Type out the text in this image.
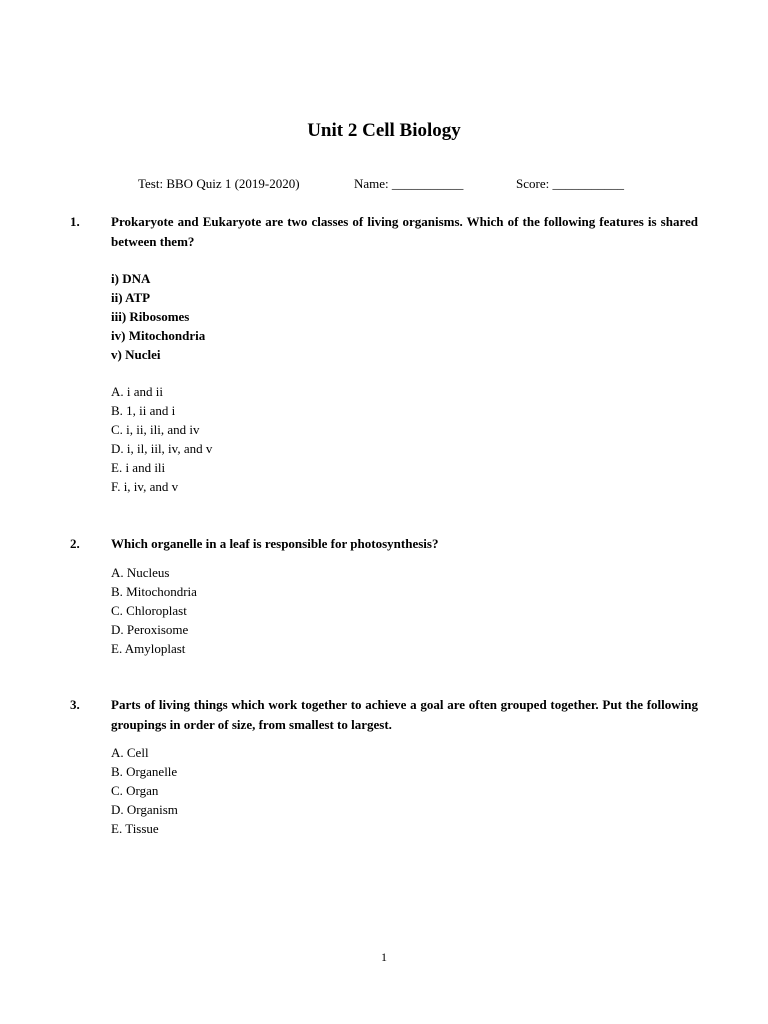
Unit 2 Cell Biology
Test: BBO Quiz 1 (2019-2020)	Name: ___________	Score: ___________
1. Prokaryote and Eukaryote are two classes of living organisms. Which of the following features is shared between them?
i) DNA
ii) ATP
iii) Ribosomes
iv) Mitochondria
v) Nuclei
A. i and ii
B. 1, ii and i
C. i, ii, ili, and iv
D. i, il, iil, iv, and v
E. i and ili
F. i, iv, and v
2. Which organelle in a leaf is responsible for photosynthesis?
A. Nucleus
B. Mitochondria
C. Chloroplast
D. Peroxisome
E. Amyloplast
3. Parts of living things which work together to achieve a goal are often grouped together. Put the following groupings in order of size, from smallest to largest.
A. Cell
B. Organelle
C. Organ
D. Organism
E. Tissue
1
